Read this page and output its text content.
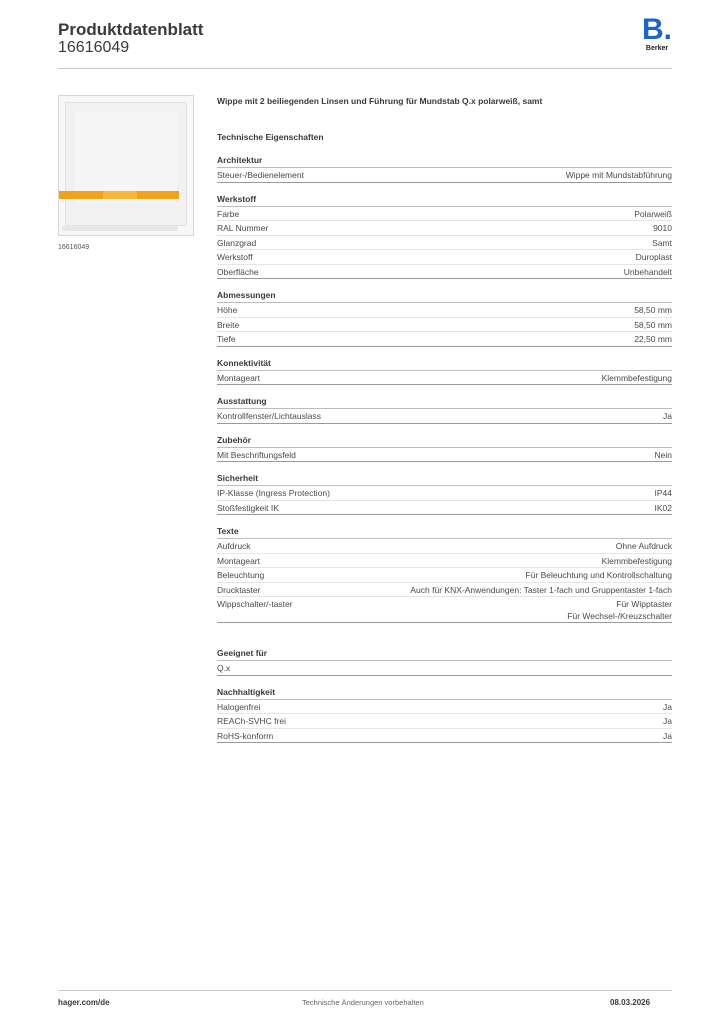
Produktdatenblatt
16616049
B.
Berker
16616049
Wippe mit 2 beiliegenden Linsen und Führung für Mundstab Q.x polarweiß, samt
Technische Eigenschaften
Architektur
Steuer-/Bedienelement	Wippe mit Mundstabführung
Werkstoff
Farbe	Polarweiß
RAL Nummer	9010
Glanzgrad	Samt
Werkstoff	Duroplast
Oberfläche	Unbehandelt
Abmessungen
Höhe	58,50 mm
Breite	58,50 mm
Tiefe	22,50 mm
Konnektivität
Montageart	Klemmbefestigung
Ausstattung
Kontrollfenster/Lichtauslass	Ja
Zubehör
Mit Beschriftungsfeld	Nein
Sicherheit
IP-Klasse (Ingress Protection)	IP44
Stoßfestigkeit IK	IK02
Texte
Aufdruck	Ohne Aufdruck
Montageart	Klemmbefestigung
Beleuchtung	Für Beleuchtung und Kontrollschaltung
Drucktaster	Auch für KNX-Anwendungen: Taster 1-fach und Gruppentaster 1-fach
Wippschalter/-taster	Für Wipptaster
Für Wechsel-/Kreuzschalter
Geeignet für
Q.x
Nachhaltigkeit
Halogenfrei	Ja
REACh-SVHC frei	Ja
RoHS-konform	Ja
hager.com/de	Technische Änderungen vorbehalten	08.03.2026
